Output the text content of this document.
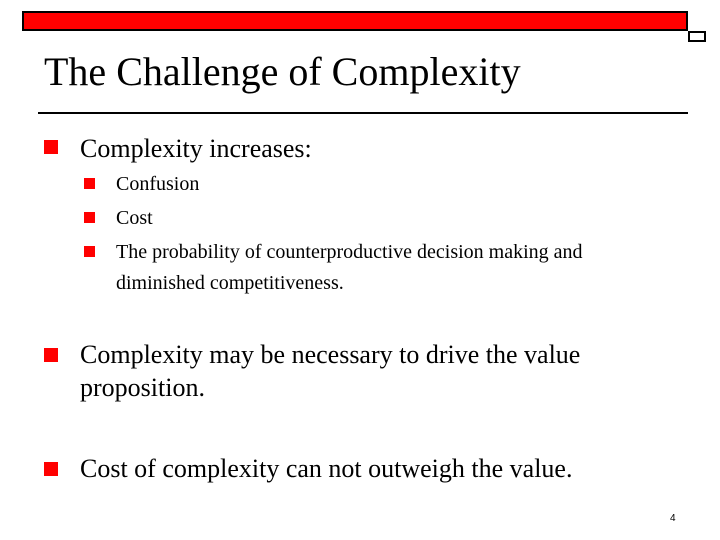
The Challenge of Complexity
Complexity increases:
Confusion
Cost
The probability of counterproductive decision making and
diminished competitiveness.
Complexity may be necessary to drive the value
proposition.
Cost of complexity can not outweigh the value.
4
